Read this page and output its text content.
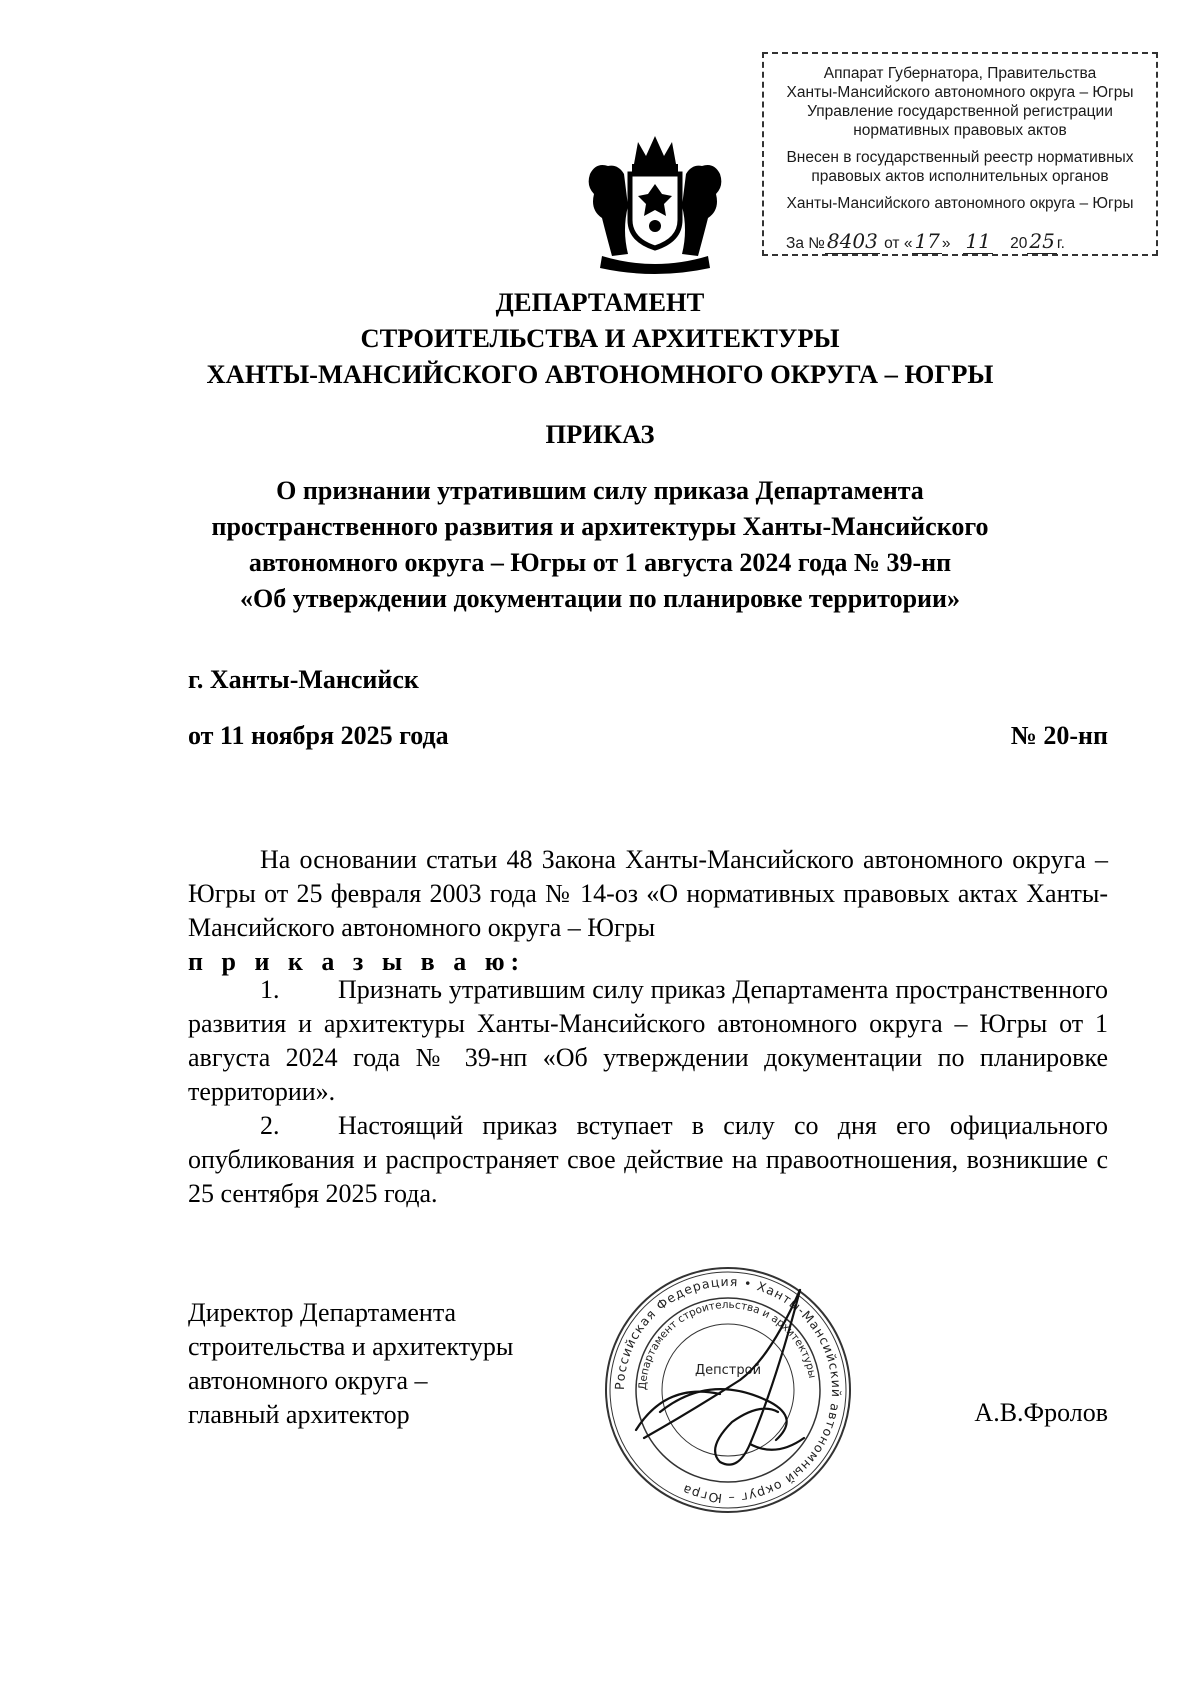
Аппарат Губернатора, Правительства
Ханты-Мансийского автономного округа – Югры
Управление государственной регистрации
нормативных правовых актов
Внесен в государственный реестр нормативных
правовых актов исполнительных органов
Ханты-Мансийского автономного округа – Югры
За № 8403 от « 17 » 11 20 25 г.
ДЕПАРТАМЕНТ
СТРОИТЕЛЬСТВА И АРХИТЕКТУРЫ
ХАНТЫ-МАНСИЙСКОГО АВТОНОМНОГО ОКРУГА – ЮГРЫ
ПРИКАЗ
О признании утратившим силу приказа Департамента
пространственного развития и архитектуры Ханты-Мансийского
автономного округа – Югры от 1 августа 2024 года № 39-нп
«Об утверждении документации по планировке территории»
г. Ханты-Мансийск
от 11 ноября 2025 года	№ 20-нп
На основании статьи 48 Закона Ханты-Мансийского автономного округа – Югры от 25 февраля 2003 года № 14-оз «О нормативных правовых актах Ханты-Мансийского автономного округа – Югры
п р и к а з ы в а ю:
1. Признать утратившим силу приказ Департамента пространственного развития и архитектуры Ханты-Мансийского автономного округа – Югры от 1 августа 2024 года № 39-нп «Об утверждении документации по планировке территории».
2. Настоящий приказ вступает в силу со дня его официального опубликования и распространяет свое действие на правоотношения, возникшие с 25 сентября 2025 года.
Директор Департамента
строительства и архитектуры
автономного округа –
главный архитектор	А.В.Фролов
Российская Федерация • Ханты-Мансийский автономный округ – Югра
Департамент строительства и архитектуры
Депстрой
